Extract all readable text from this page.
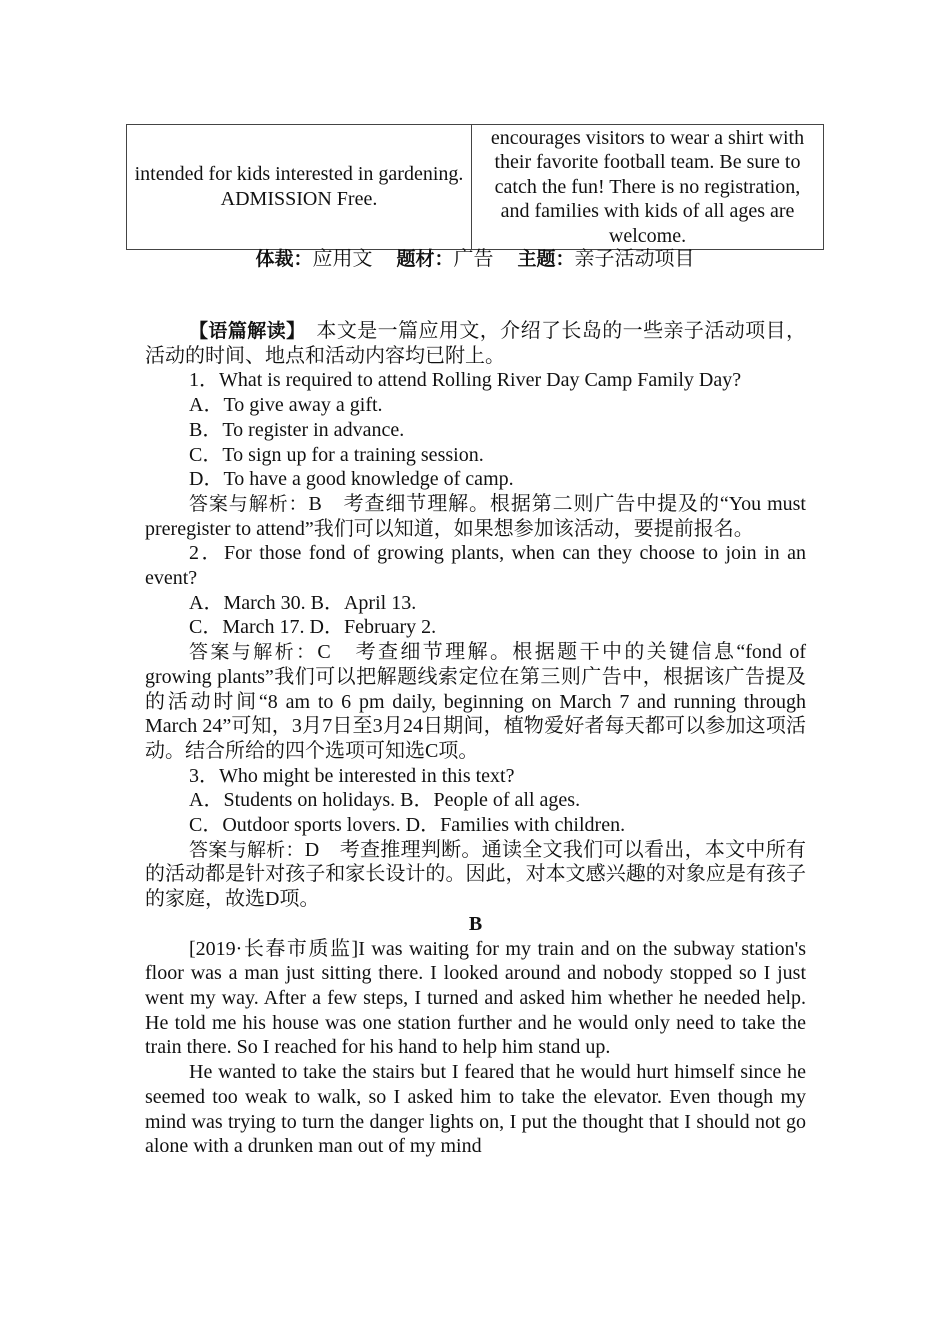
intended for kids interested in gardening. ADMISSION Free.	encourages visitors to wear a shirt with their favorite football team. Be sure to catch the fun! There is no registration, and families with kids of all ages are welcome.
体裁：应用文 题材：广告 主题：亲子活动项目

【语篇解读】　 本文是一篇应用文，介绍了长岛的一些亲子活动项目，活动的时间、地点和活动内容均已附上。

1．What is required to attend Rolling River Day Camp Family Day?

A．To give away a gift.

B．To register in advance.

C．To sign up for a training session.

D．To have a good knowledge of camp.

答案与解析：B　考查细节理解。根据第二则广告中提及的“You must preregister to attend”我们可以知道，如果想参加该活动，要提前报名。

2．For those fond of growing plants, when can they choose to join in an event?

A．March 30. B．April 13.

C．March 17. D．February 2.

答案与解析：C　考查细节理解。根据题干中的关键信息“fond of growing plants”我们可以把解题线索定位在第三则广告中，根据该广告提及的活动时间“8 am to 6 pm daily, beginning on March 7 and running through March 24”可知，3月7日至3月24日期间，植物爱好者每天都可以参加这项活动。结合所给的四个选项可知选C项。

3．Who might be interested in this text?

A．Students on holidays. B．People of all ages.

C．Outdoor sports lovers. D．Families with children.

答案与解析：D　考查推理判断。通读全文我们可以看出，本文中所有的活动都是针对孩子和家长设计的。因此，对本文感兴趣的对象应是有孩子的家庭，故选D项。

B

[2019·长春市质监]I was waiting for my train and on the subway station's floor was a man just sitting there. I looked around and nobody stopped so I just went my way. After a few steps, I turned and asked him whether he needed help. He told me his house was one station further and he would only need to take the train there. So I reached for his hand to help him stand up.

He wanted to take the stairs but I feared that he would hurt himself since he seemed too weak to walk, so I asked him to take the elevator. Even though my mind was trying to turn the danger lights on, I put the thought that I should not go alone with a drunken man out of my mind
